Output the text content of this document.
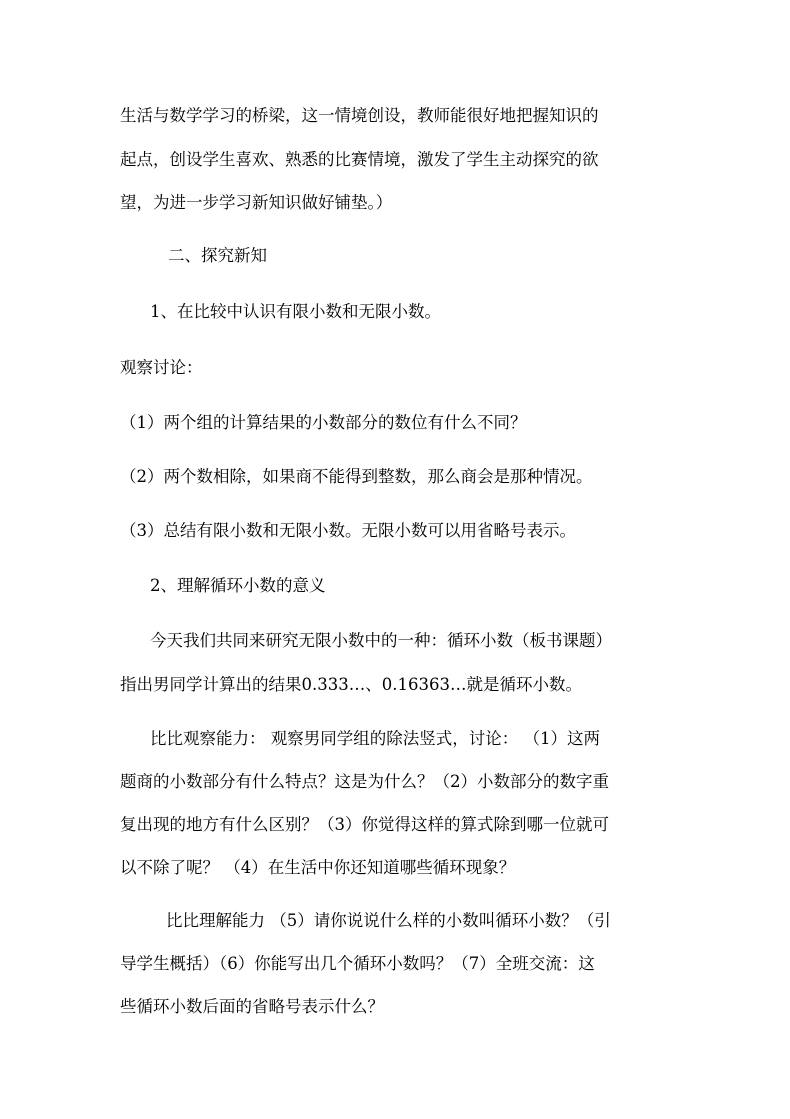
生活与数学学习的桥梁，这一情境创设，教师能很好地把握知识的
起点，创设学生喜欢、熟悉的比赛情境，激发了学生主动探究的欲
望，为进一步学习新知识做好铺垫。）
二、探究新知
1、在比较中认识有限小数和无限小数。
观察讨论：
（1）两个组的计算结果的小数部分的数位有什么不同？
（2）两个数相除，如果商不能得到整数，那么商会是那种情况。
（3）总结有限小数和无限小数。无限小数可以用省略号表示。
2、理解循环小数的意义
今天我们共同来研究无限小数中的一种：循环小数（板书课题）
指出男同学计算出的结果0.333…、0.16363…就是循环小数。
比比观察能力： 观察男同学组的除法竖式，讨论： （1）这两
题商的小数部分有什么特点？这是为什么？（2）小数部分的数字重
复出现的地方有什么区别？（3）你觉得这样的算式除到哪一位就可
以不除了呢？ （4）在生活中你还知道哪些循环现象？
比比理解能力 （5）请你说说什么样的小数叫循环小数？（引
导学生概括）（6）你能写出几个循环小数吗？（7）全班交流：这
些循环小数后面的省略号表示什么？
